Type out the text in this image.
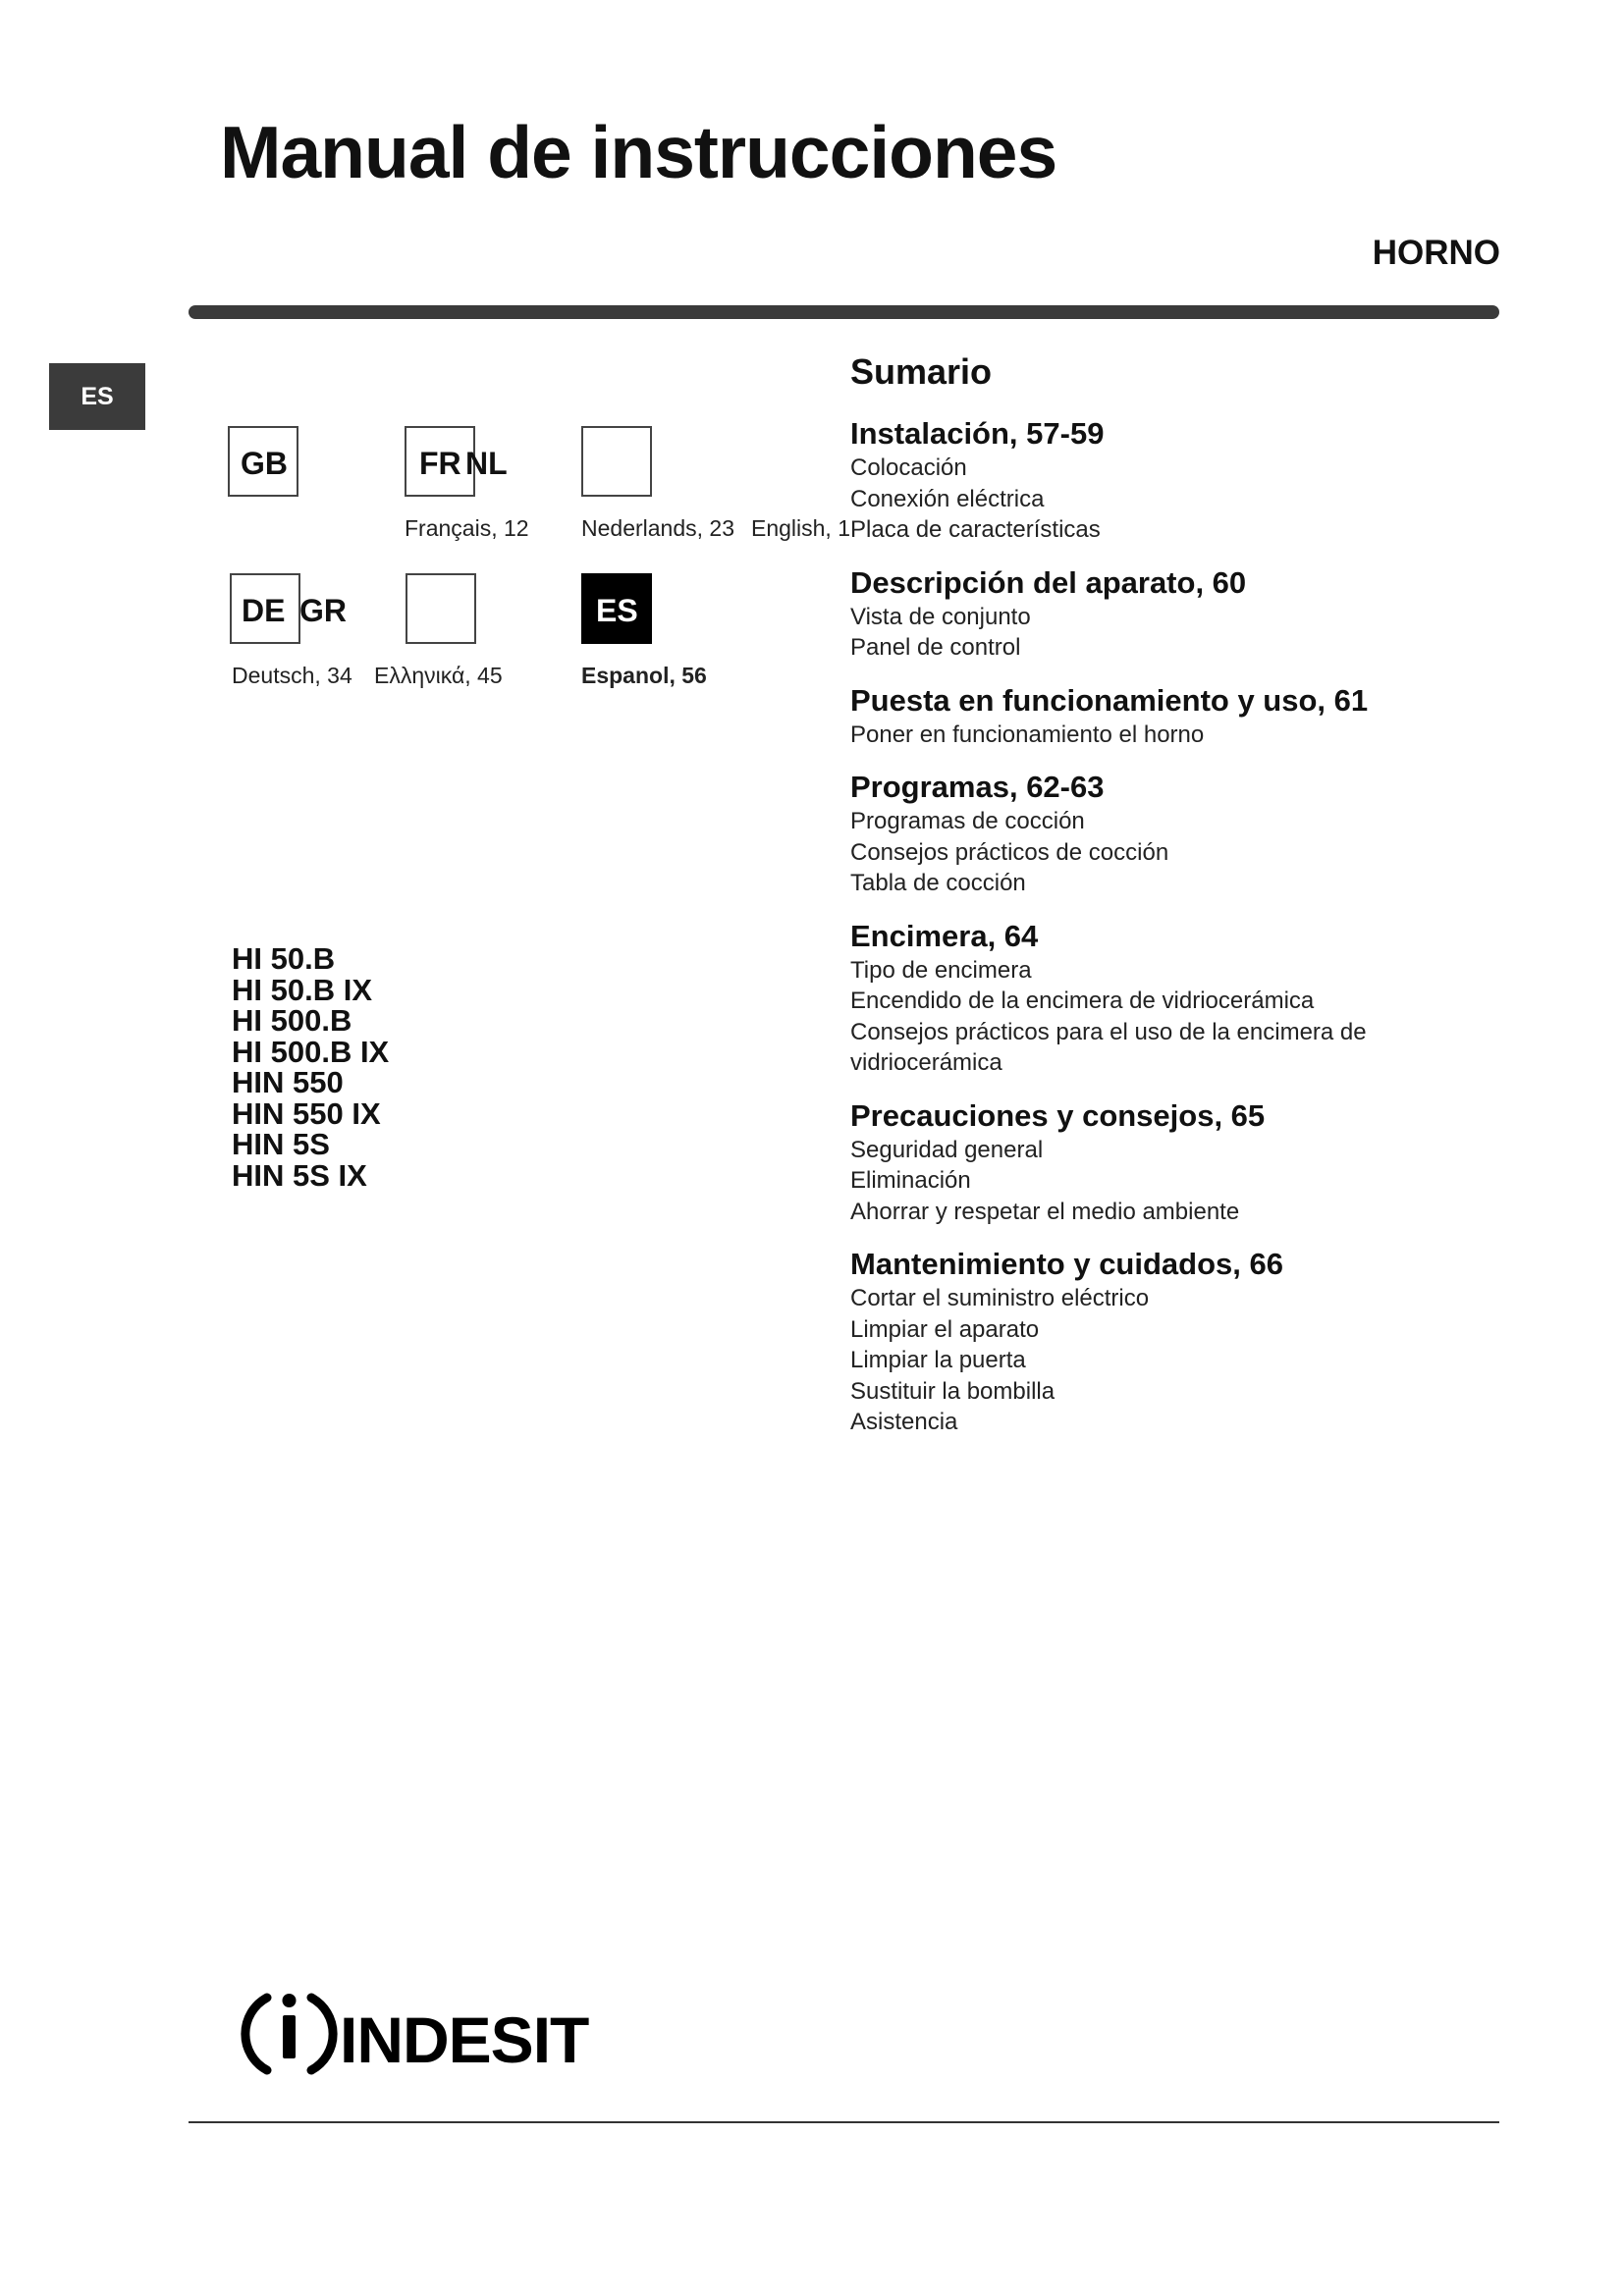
Manual de instrucciones
HORNO
ES
GB	FR NL
Français, 12 Nederlands, 23 English, 1
DE GR	ES
Deutsch, 34 Ελληνικά, 45	Espanol, 56
HI 50.B
HI 50.B IX
HI 500.B
HI 500.B IX
HIN 550
HIN 550 IX
HIN 5S
HIN 5S IX
Sumario
Instalación, 57-59
Colocación
Conexión eléctrica
Placa de características
Descripción del aparato, 60
Vista de conjunto
Panel de control
Puesta en funcionamiento y uso, 61
Poner en funcionamiento el horno
Programas, 62-63
Programas de cocción
Consejos prácticos de cocción
Tabla de cocción
Encimera, 64
Tipo de encimera
Encendido de la encimera de vidriocerámica
Consejos prácticos para el uso de la encimera de
vidriocerámica
Precauciones y consejos, 65
Seguridad general
Eliminación
Ahorrar y respetar el medio ambiente
Mantenimiento y cuidados, 66
Cortar el suministro eléctrico
Limpiar el aparato
Limpiar la puerta
Sustituir la bombilla
Asistencia
INDESIT
